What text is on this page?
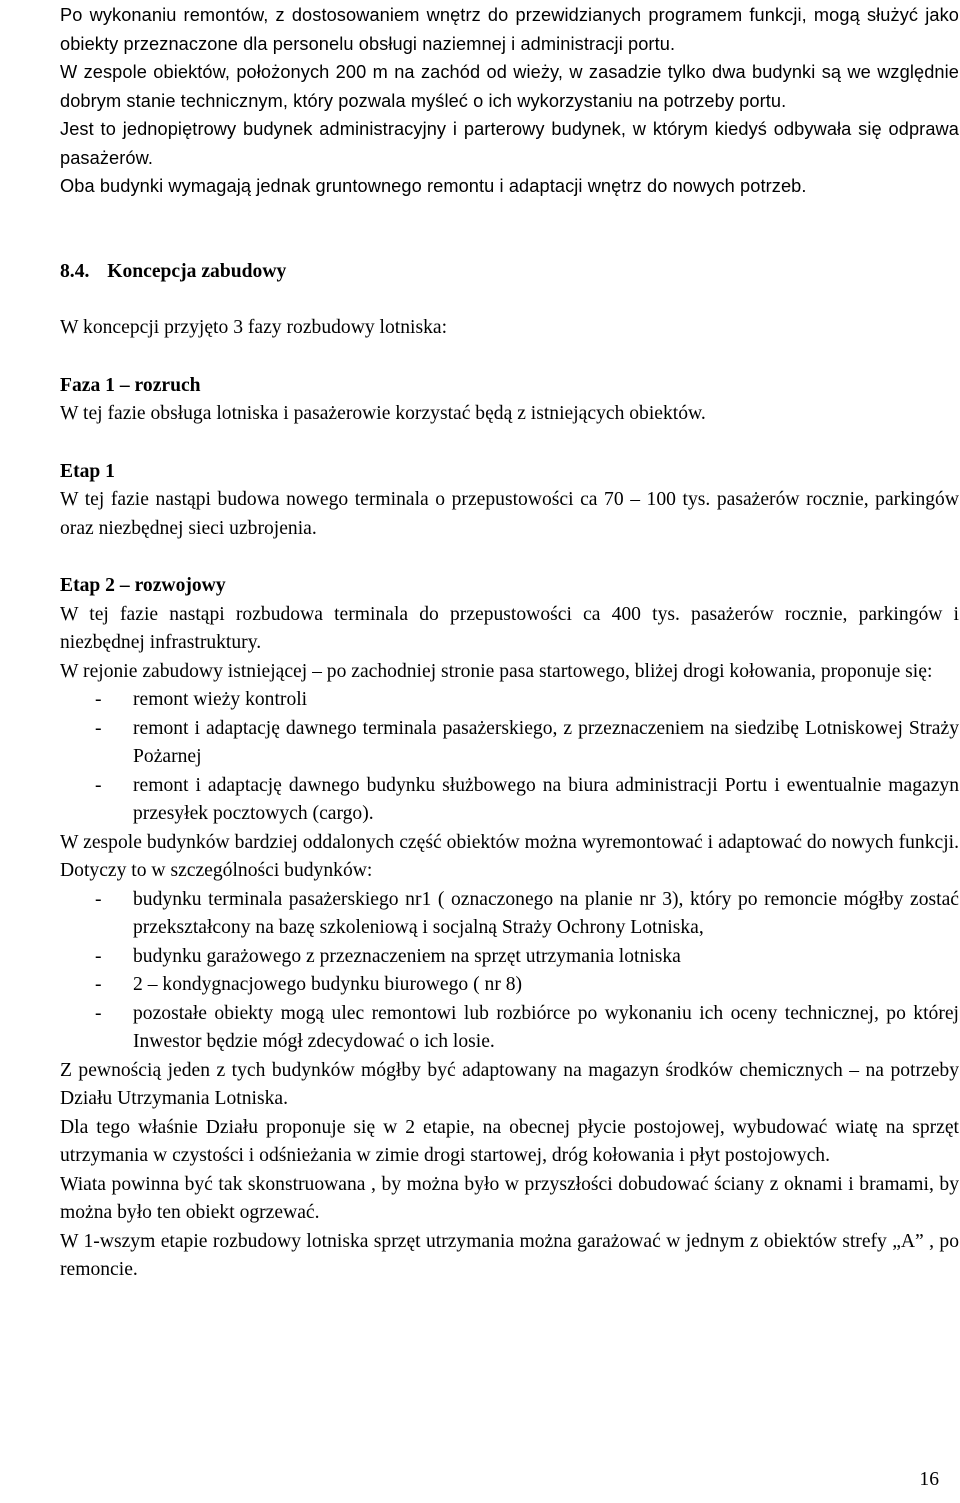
Po wykonaniu remontów, z dostosowaniem wnętrz do przewidzianych programem funkcji, mogą służyć jako obiekty przeznaczone dla personelu obsługi naziemnej i administracji portu.

W zespole obiektów, położonych 200 m na zachód od wieży, w zasadzie tylko dwa budynki są we względnie dobrym stanie technicznym, który pozwala myśleć o ich wykorzystaniu na potrzeby portu.

Jest to jednopiętrowy budynek administracyjny i parterowy budynek, w którym kiedyś odbywała się odprawa pasażerów.

Oba budynki wymagają jednak gruntownego remontu i adaptacji wnętrz do nowych potrzeb.

8.4. Koncepcja zabudowy

W koncepcji przyjęto 3 fazy rozbudowy lotniska:

Faza 1 – rozruch

W tej fazie obsługa lotniska i pasażerowie korzystać będą z istniejących obiektów.

Etap 1

W tej fazie nastąpi budowa nowego terminala o przepustowości ca 70 – 100 tys. pasażerów rocznie, parkingów oraz niezbędnej sieci uzbrojenia.

Etap 2 – rozwojowy

W tej fazie nastąpi rozbudowa terminala do przepustowości ca 400 tys. pasażerów rocznie, parkingów i niezbędnej infrastruktury.

W rejonie zabudowy istniejącej – po zachodniej stronie pasa startowego, bliżej drogi kołowania, proponuje się:

- remont wieży kontroli
- remont i adaptację dawnego terminala pasażerskiego, z przeznaczeniem na siedzibę Lotniskowej Straży Pożarnej
- remont i adaptację dawnego budynku służbowego na biura administracji Portu i ewentualnie magazyn przesyłek pocztowych (cargo).

W zespole budynków bardziej oddalonych część obiektów można wyremontować i adaptować do nowych funkcji. Dotyczy to w szczególności budynków:

- budynku terminala pasażerskiego nr1 ( oznaczonego na planie nr 3), który po remoncie mógłby zostać przekształcony na bazę szkoleniową i socjalną Straży Ochrony Lotniska,
- budynku garażowego z przeznaczeniem na sprzęt utrzymania lotniska
- 2 – kondygnacjowego budynku biurowego ( nr 8)
- pozostałe obiekty mogą ulec remontowi lub rozbiórce po wykonaniu ich oceny technicznej, po której Inwestor będzie mógł zdecydować o ich losie.

Z pewnością jeden z tych budynków mógłby być adaptowany na magazyn środków chemicznych – na potrzeby Działu Utrzymania Lotniska.

Dla tego właśnie Działu proponuje się w 2 etapie, na obecnej płycie postojowej, wybudować wiatę na sprzęt utrzymania w czystości i odśnieżania w zimie drogi startowej, dróg kołowania i płyt postojowych.

Wiata powinna być tak skonstruowana , by można było w przyszłości dobudować ściany z oknami i bramami, by można było ten obiekt ogrzewać.

W 1-wszym etapie rozbudowy lotniska sprzęt utrzymania można garażować w jednym z obiektów strefy „A” , po remoncie.

16
